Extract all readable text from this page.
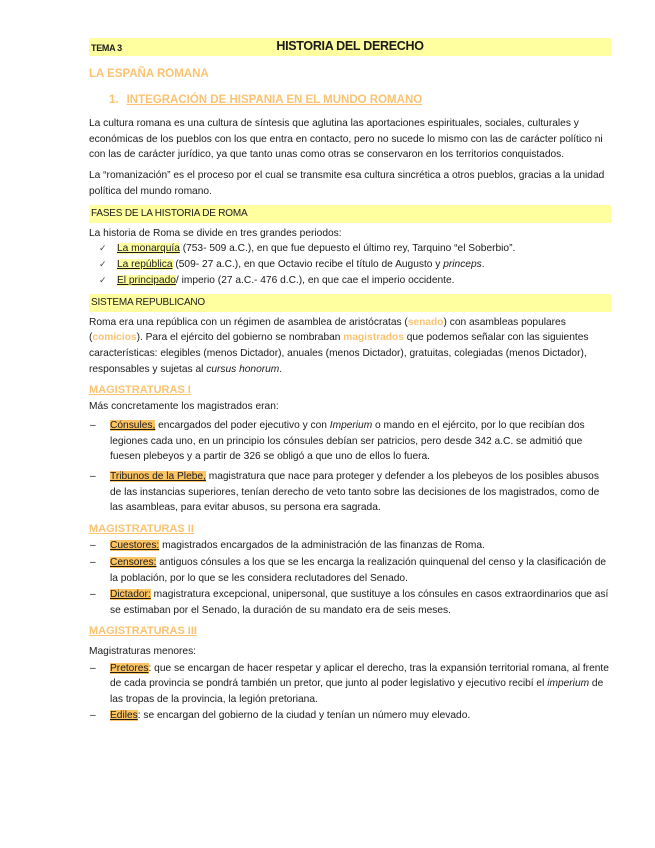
TEMA 3	HISTORIA DEL DERECHO
LA ESPAÑA ROMANA
1. INTEGRACIÓN DE HISPANIA EN EL MUNDO ROMANO

La cultura romana es una cultura de síntesis que aglutina las aportaciones espirituales, sociales, culturales y económicas de los pueblos con los que entra en contacto, pero no sucede lo mismo con las de carácter político ni con las de carácter jurídico, ya que tanto unas como otras se conservaron en los territorios conquistados.

La “romanización” es el proceso por el cual se transmite esa cultura sincrética a otros pueblos, gracias a la unidad política del mundo romano.

FASES DE LA HISTORIA DE ROMA

La historia de Roma se divide en tres grandes periodos:

✓ La monarquía (753- 509 a.C.), en que fue depuesto el último rey, Tarquino “el Soberbio”.
✓ La república (509- 27 a.C.), en que Octavio recibe el título de Augusto y princeps.
✓ El principado/ imperio (27 a.C.- 476 d.C.), en que cae el imperio occidente.
SISTEMA REPUBLICANO

Roma era una república con un régimen de asamblea de aristócratas (senado) con asambleas populares (comicios). Para el ejército del gobierno se nombraban magistrados que podemos señalar con las siguientes características: elegibles (menos Dictador), anuales (menos Dictador), gratuitas, colegiadas (menos Dictador), responsables y sujetas al cursus honorum.

MAGISTRATURAS I

Más concretamente los magistrados eran:

– Cónsules, encargados del poder ejecutivo y con Imperium o mando en el ejército, por lo que recibían dos legiones cada uno, en un principio los cónsules debían ser patricios, pero desde 342 a.C. se admitió que fuesen plebeyos y a partir de 326 se obligó a que uno de ellos lo fuera.
– Tribunos de la Plebe, magistratura que nace para proteger y defender a los plebeyos de los posibles abusos de las instancias superiores, tenían derecho de veto tanto sobre las decisiones de los magistrados, como de las asambleas, para evitar abusos, su persona era sagrada.
MAGISTRATURAS II
– Cuestores: magistrados encargados de la administración de las finanzas de Roma.
– Censores: antiguos cónsules a los que se les encarga la realización quinquenal del censo y la clasificación de la población, por lo que se les considera reclutadores del Senado.
– Dictador: magistratura excepcional, unipersonal, que sustituye a los cónsules en casos extraordinarios que así se estimaban por el Senado, la duración de su mandato era de seis meses.
MAGISTRATURAS III

Magistraturas menores:

– Pretores: que se encargan de hacer respetar y aplicar el derecho, tras la expansión territorial romana, al frente de cada provincia se pondrá también un pretor, que junto al poder legislativo y ejecutivo recibí el imperium de las tropas de la provincia, la legión pretoriana.
– Ediles: se encargan del gobierno de la ciudad y tenían un número muy elevado.
